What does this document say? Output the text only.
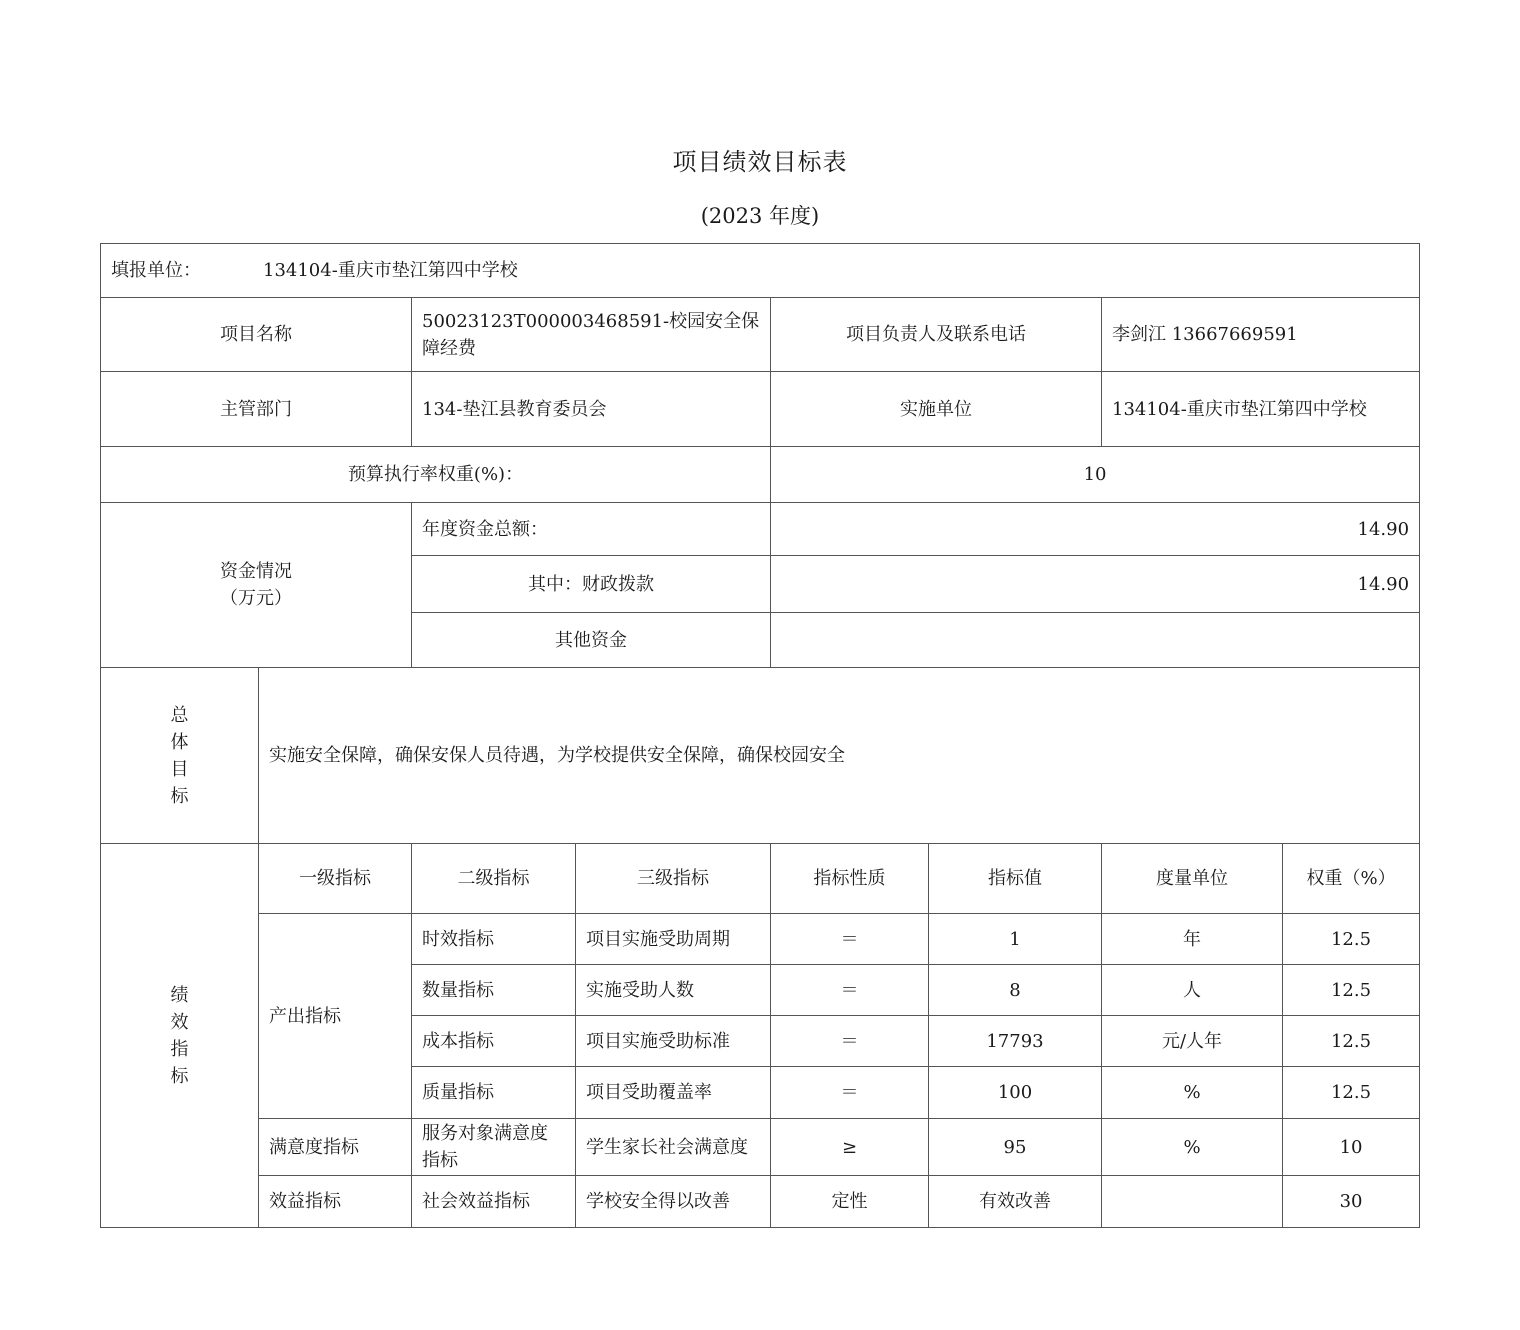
项目绩效目标表
(2023 年度)
填报单位： 134104-重庆市垫江第四中学校							
项目名称		50023123T000003468591-校园安全保障经费		项目负责人及联系电话		李剑江 13667669591	
主管部门		134-垫江县教育委员会		实施单位		134104-重庆市垫江第四中学校	
预算执行率权重(%)：				10			

资金情况
（万元）		年度资金总额：		14.90			
		其中：财政拨款		14.90			
		其他资金					

总
体
目
标	实施安全保障，确保安保人员待遇，为学校提供安全保障，确保校园安全						

绩
效
指
标	一级指标	二级指标	三级指标	指标性质	指标值	度量单位	权重（%）
	产出指标	时效指标	项目实施受助周期	＝	1	年	12.5
		数量指标	实施受助人数	＝	8	人	12.5
		成本指标	项目实施受助标准	＝	17793	元/人年	12.5
		质量指标	项目受助覆盖率	＝	100	%	12.5
	满意度指标	服务对象满意度指标	学生家长社会满意度	≥	95	%	10
	效益指标	社会效益指标	学校安全得以改善	定性	有效改善		30
